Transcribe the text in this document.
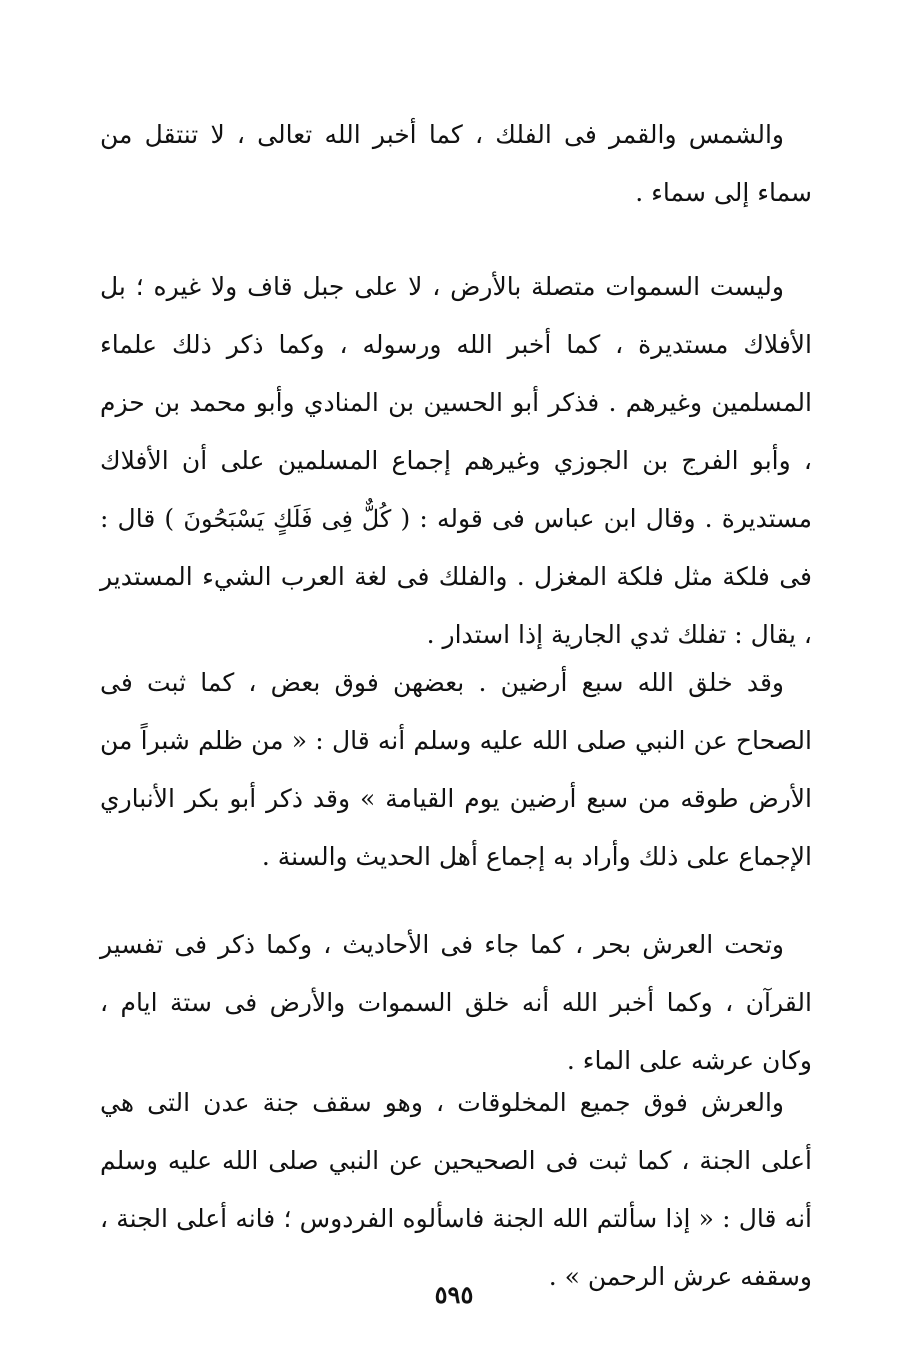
والشمس والقمر فى الفلك ، كما أخبر الله تعالى ، لا تنتقل من سماء إلى سماء .

وليست السموات متصلة بالأرض ، لا على جبل قاف ولا غيره ؛ بل الأفلاك مستديرة ، كما أخبر الله ورسوله ، وكما ذكر ذلك علماء المسلمين وغيرهم . فذكر أبو الحسين بن المنادي وأبو محمد بن حزم ، وأبو الفرج بن الجوزي وغيرهم إجماع المسلمين على أن الأفلاك مستديرة . وقال ابن عباس فى قوله : ( كُلٌّ فِى فَلَكٍ يَسْبَحُونَ ) قال : فى فلكة مثل فلكة المغزل . والفلك فى لغة العرب الشيء المستدير ، يقال : تفلك ثدي الجارية إذا استدار .

وقد خلق الله سبع أرضين . بعضهن فوق بعض ، كما ثبت فى الصحاح عن النبي صلى الله عليه وسلم أنه قال : « من ظلم شبراً من الأرض طوقه من سبع أرضين يوم القيامة » وقد ذكر أبو بكر الأنباري الإجماع على ذلك وأراد به إجماع أهل الحديث والسنة .

وتحت العرش بحر ، كما جاء فى الأحاديث ، وكما ذكر فى تفسير القرآن ، وكما أخبر الله أنه خلق السموات والأرض فى ستة ايام ، وكان عرشه على الماء .

والعرش فوق جميع المخلوقات ، وهو سقف جنة عدن التى هي أعلى الجنة ، كما ثبت فى الصحيحين عن النبي صلى الله عليه وسلم أنه قال : « إذا سألتم الله الجنة فاسألوه الفردوس ؛ فانه أعلى الجنة ، وسقفه عرش الرحمن » .

٥٩٥
